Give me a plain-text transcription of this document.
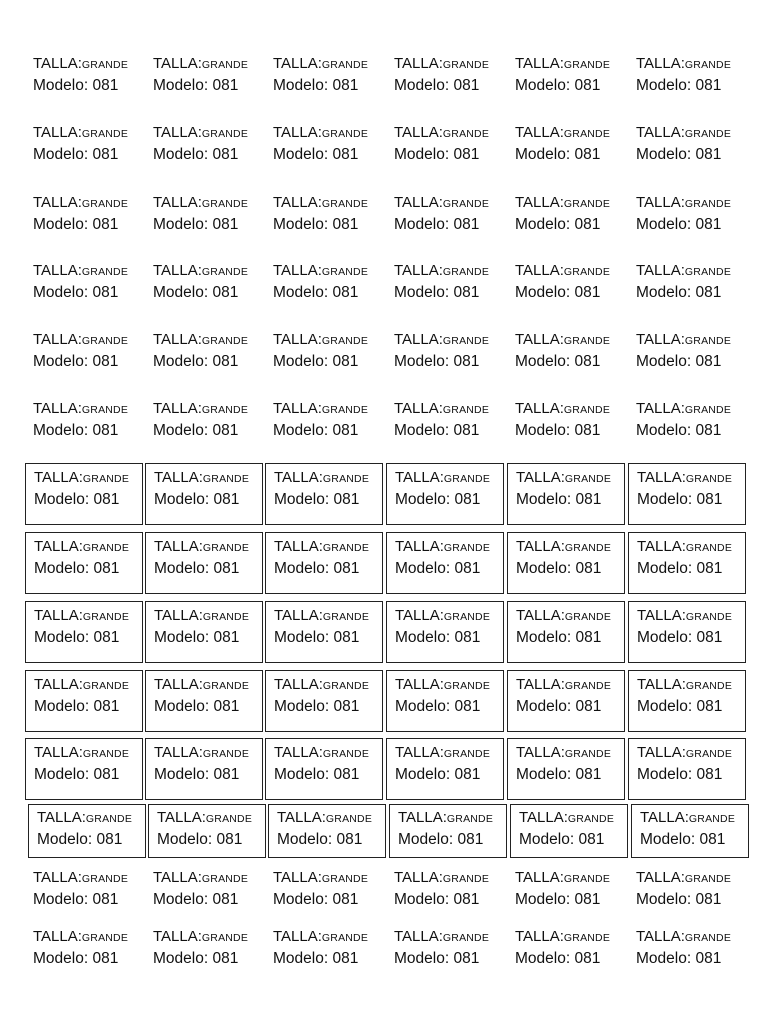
TALLA:GRANDE
Modelo: 081
TALLA:GRANDE
Modelo: 081
TALLA:GRANDE
Modelo: 081
TALLA:GRANDE
Modelo: 081
TALLA:GRANDE
Modelo: 081
TALLA:GRANDE
Modelo: 081
TALLA:GRANDE
Modelo: 081
TALLA:GRANDE
Modelo: 081
TALLA:GRANDE
Modelo: 081
TALLA:GRANDE
Modelo: 081
TALLA:GRANDE
Modelo: 081
TALLA:GRANDE
Modelo: 081
TALLA:GRANDE
Modelo: 081
TALLA:GRANDE
Modelo: 081
TALLA:GRANDE
Modelo: 081
TALLA:GRANDE
Modelo: 081
TALLA:GRANDE
Modelo: 081
TALLA:GRANDE
Modelo: 081
TALLA:GRANDE
Modelo: 081
TALLA:GRANDE
Modelo: 081
TALLA:GRANDE
Modelo: 081
TALLA:GRANDE
Modelo: 081
TALLA:GRANDE
Modelo: 081
TALLA:GRANDE
Modelo: 081
TALLA:GRANDE
Modelo: 081
TALLA:GRANDE
Modelo: 081
TALLA:GRANDE
Modelo: 081
TALLA:GRANDE
Modelo: 081
TALLA:GRANDE
Modelo: 081
TALLA:GRANDE
Modelo: 081
TALLA:GRANDE
Modelo: 081
TALLA:GRANDE
Modelo: 081
TALLA:GRANDE
Modelo: 081
TALLA:GRANDE
Modelo: 081
TALLA:GRANDE
Modelo: 081
TALLA:GRANDE
Modelo: 081
TALLA:GRANDE
Modelo: 081
TALLA:GRANDE
Modelo: 081
TALLA:GRANDE
Modelo: 081
TALLA:GRANDE
Modelo: 081
TALLA:GRANDE
Modelo: 081
TALLA:GRANDE
Modelo: 081
TALLA:GRANDE
Modelo: 081
TALLA:GRANDE
Modelo: 081
TALLA:GRANDE
Modelo: 081
TALLA:GRANDE
Modelo: 081
TALLA:GRANDE
Modelo: 081
TALLA:GRANDE
Modelo: 081
TALLA:GRANDE
Modelo: 081
TALLA:GRANDE
Modelo: 081
TALLA:GRANDE
Modelo: 081
TALLA:GRANDE
Modelo: 081
TALLA:GRANDE
Modelo: 081
TALLA:GRANDE
Modelo: 081
TALLA:GRANDE
Modelo: 081
TALLA:GRANDE
Modelo: 081
TALLA:GRANDE
Modelo: 081
TALLA:GRANDE
Modelo: 081
TALLA:GRANDE
Modelo: 081
TALLA:GRANDE
Modelo: 081
TALLA:GRANDE
Modelo: 081
TALLA:GRANDE
Modelo: 081
TALLA:GRANDE
Modelo: 081
TALLA:GRANDE
Modelo: 081
TALLA:GRANDE
Modelo: 081
TALLA:GRANDE
Modelo: 081
TALLA:GRANDE
Modelo: 081
TALLA:GRANDE
Modelo: 081
TALLA:GRANDE
Modelo: 081
TALLA:GRANDE
Modelo: 081
TALLA:GRANDE
Modelo: 081
TALLA:GRANDE
Modelo: 081
TALLA:GRANDE
Modelo: 081
TALLA:GRANDE
Modelo: 081
TALLA:GRANDE
Modelo: 081
TALLA:GRANDE
Modelo: 081
TALLA:GRANDE
Modelo: 081
TALLA:GRANDE
Modelo: 081
TALLA:GRANDE
Modelo: 081
TALLA:GRANDE
Modelo: 081
TALLA:GRANDE
Modelo: 081
TALLA:GRANDE
Modelo: 081
TALLA:GRANDE
Modelo: 081
TALLA:GRANDE
Modelo: 081
